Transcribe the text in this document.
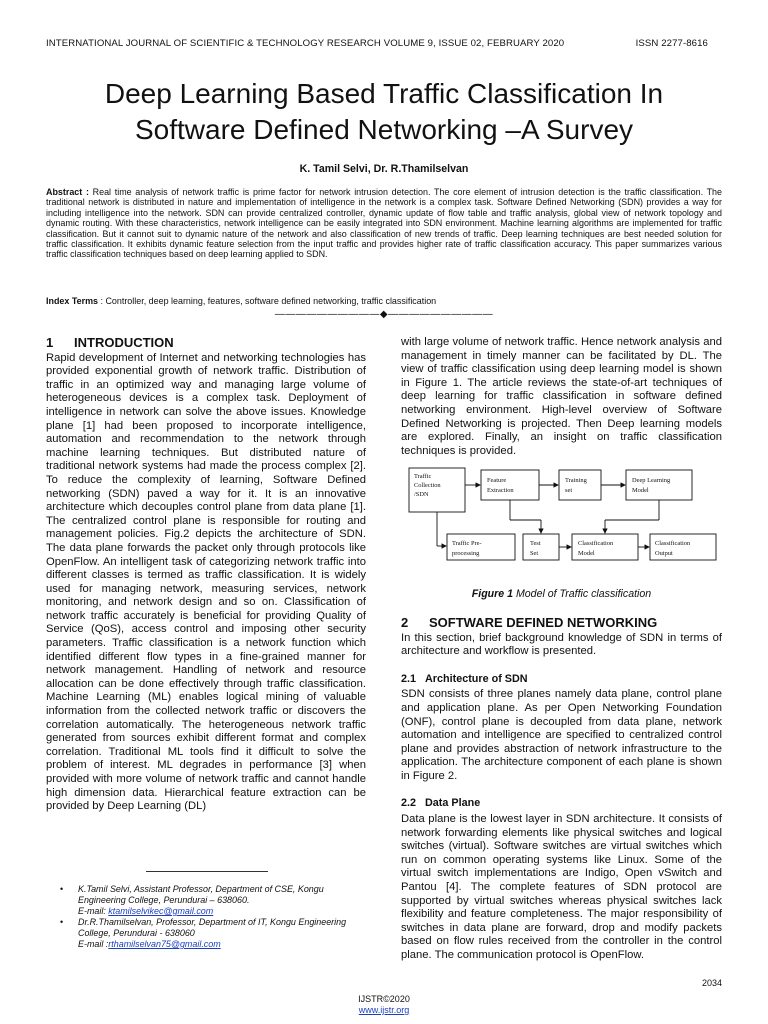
INTERNATIONAL JOURNAL OF SCIENTIFIC & TECHNOLOGY RESEARCH VOLUME 9, ISSUE 02, FEBRUARY 2020	ISSN 2277-8616
Deep Learning Based Traffic Classification In
Software Defined Networking –A Survey
K. Tamil Selvi, Dr. R.Thamilselvan
Abstract : Real time analysis of network traffic is prime factor for network intrusion detection. The core element of intrusion detection is the traffic classification. The traditional network is distributed in nature and implementation of intelligence in the network is a complex task. Software Defined Networking (SDN) provides a way for including intelligence into the network. SDN can provide centralized controller, dynamic update of flow table and traffic analysis, global view of network topology and dynamic routing. With these characteristics, network intelligence can be easily integrated into SDN environment. Machine learning algorithms are implemented for traffic classification. But it cannot suit to dynamic nature of the network and also classification of new trends of traffic. Deep learning techniques are best needed solution for traffic classification. It exhibits dynamic feature selection from the input traffic and provides higher rate of traffic classification accuracy. This paper summarizes various traffic classification techniques based on deep learning applied to SDN.
Index Terms : Controller, deep learning, features, software defined networking, traffic classification
——————————◆——————————
1 INTRODUCTION

Rapid development of Internet and networking technologies has provided exponential growth of network traffic. Distribution of traffic in an optimized way and managing large volume of heterogeneous devices is a complex task. Deployment of intelligence in network can solve the above issues. Knowledge plane [1] had been proposed to incorporate intelligence, automation and recommendation to the network through machine learning techniques. But distributed nature of traditional network systems had made the process complex [2]. To reduce the complexity of learning, Software Defined networking (SDN) paved a way for it. It is an innovative architecture which decouples control plane from data plane [1]. The centralized control plane is responsible for routing and management policies. Fig.2 depicts the architecture of SDN. The data plane forwards the packet only through protocols like OpenFlow. An intelligent task of categorizing network traffic into different classes is termed as traffic classification. It is widely used for managing network, measuring services, network monitoring, and network design and so on. Classification of network traffic accurately is beneficial for providing Quality of Service (QoS), access control and imposing other security parameters. Traffic classification is a network function which identified different flow types in a fine-grained manner for network management. Handling of network and resource allocation can be done effectively through traffic classification. Machine Learning (ML) enables logical mining of valuable information from the collected network traffic or discovers the correlation automatically. The heterogeneous network traffic generated from sources exhibit different format and complex correlation. Traditional ML tools find it difficult to solve the problem of interest. ML degrades in performance [3] when provided with more volume of network traffic and cannot handle high dimension data. Hierarchical feature extraction can be provided by Deep Learning (DL)

with large volume of network traffic. Hence network analysis and management in timely manner can be facilitated by DL. The view of traffic classification using deep learning model is shown in Figure 1. The article reviews the state-of-art techniques of deep learning for traffic classification in software defined networking environment. High-level overview of Software Defined Networking is projected. Then Deep learning models are explored. Finally, an insight on traffic classification techniques is provided.

Traffic
Collection
/SDN
Feature
Extraction
Training
set
Deep Learning
Model
Traffic Pre-
processing
Test
Set
Classification
Model
Classification
Output
Figure 1 Model of Traffic classification
2 SOFTWARE DEFINED NETWORKING

In this section, brief background knowledge of SDN in terms of architecture and workflow is presented.

2.1 Architecture of SDN

SDN consists of three planes namely data plane, control plane and application plane. As per Open Networking Foundation (ONF), control plane is decoupled from data plane, network automation and intelligence are specified to centralized control plane and provides abstraction of network infrastructure to the application. The architecture component of each plane is shown in Figure 2.

2.2 Data Plane

Data plane is the lowest layer in SDN architecture. It consists of network forwarding elements like physical switches and logical switches (virtual). Software switches are virtual switches which run on common operating systems like Linux. Some of the virtual switch implementations are Indigo, Open vSwitch and Pantou [4]. The complete features of SDN protocol are supported by virtual switches whereas physical switches lack flexibility and feature completeness. The major responsibility of switches in data plane are forward, drop and modify packets based on flow rules received from the controller in the control plane. The communication protocol is OpenFlow.

• K.Tamil Selvi, Assistant Professor, Department of CSE, Kongu Engineering College, Perundurai – 638060.
E-mail: ktamilselvikec@gmail.com
• Dr.R.Thamilselvan, Professor, Department of IT, Kongu Engineering College, Perundurai - 638060
E-mail :rthamilselvan75@gmail.com
2034
IJSTR©2020
www.ijstr.org
